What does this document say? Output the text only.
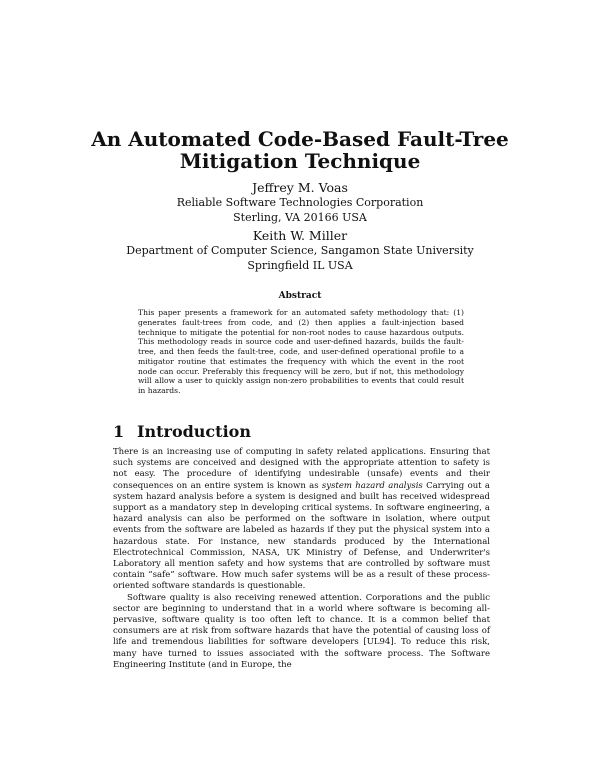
An Automated Code-Based Fault-Tree
Mitigation Technique
Jeffrey M. Voas
Reliable Software Technologies Corporation
Sterling, VA 20166 USA
Keith W. Miller
Department of Computer Science, Sangamon State University
Springfield IL USA
Abstract
This paper presents a framework for an automated safety methodology that: (1) generates fault-trees from code, and (2) then applies a fault-injection based technique to mitigate the potential for non-root nodes to cause hazardous outputs. This methodology reads in source code and user-defined hazards, builds the fault-tree, and then feeds the fault-tree, code, and user-defined operational profile to a mitigator routine that estimates the frequency with which the event in the root node can occur. Preferably this frequency will be zero, but if not, this methodology will allow a user to quickly assign non-zero probabilities to events that could result in hazards.
1 Introduction

There is an increasing use of computing in safety related applications. Ensuring that such systems are conceived and designed with the appropriate attention to safety is not easy. The procedure of identifying undesirable (unsafe) events and their consequences on an entire system is known as system hazard analysis Carrying out a system hazard analysis before a system is designed and built has received widespread support as a mandatory step in developing critical systems. In software engineering, a hazard analysis can also be performed on the software in isolation, where output events from the software are labeled as hazards if they put the physical system into a hazardous state. For instance, new standards produced by the International Electrotechnical Commission, NASA, UK Ministry of Defense, and Underwriter's Laboratory all mention safety and how systems that are controlled by software must contain “safe” software. How much safer systems will be as a result of these process-oriented software standards is questionable.

Software quality is also receiving renewed attention. Corporations and the public sector are beginning to understand that in a world where software is becoming all-pervasive, software quality is too often left to chance. It is a common belief that consumers are at risk from software hazards that have the potential of causing loss of life and tremendous liabilities for software developers [UL94]. To reduce this risk, many have turned to issues associated with the software process. The Software Engineering Institute (and in Europe, the
